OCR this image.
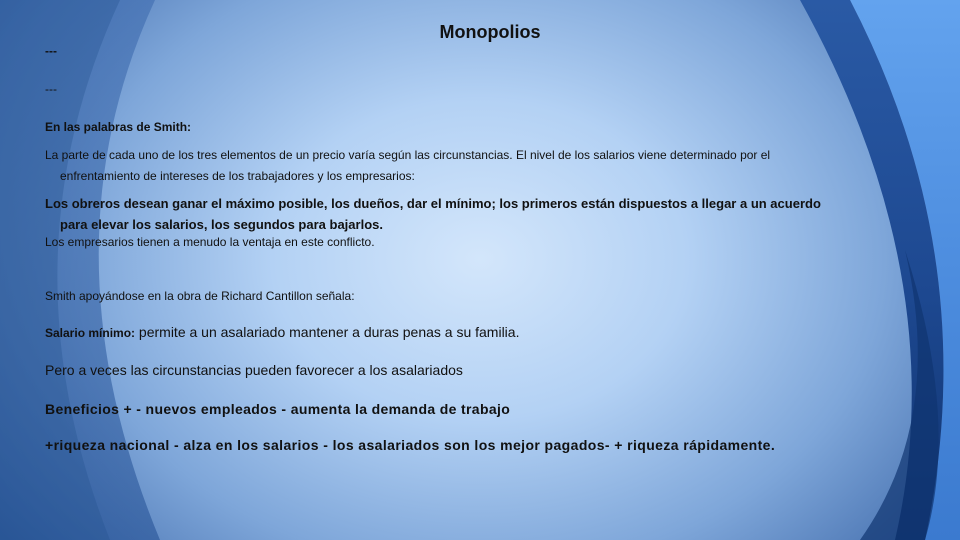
Monopolios
---
---
En las palabras de Smith:
La parte de cada uno de los tres elementos de un precio varía según las circunstancias. El nivel de los salarios viene determinado por el
enfrentamiento de intereses de los trabajadores y los empresarios:
Los obreros desean ganar el máximo posible, los dueños, dar el mínimo; los primeros están dispuestos a llegar a un acuerdo
para elevar los salarios, los segundos para bajarlos.
Los empresarios tienen a menudo la ventaja en este conflicto.
Smith apoyándose en la obra de Richard Cantillon señala:
Salario mínimo: permite a un asalariado mantener a duras penas a su familia.
Pero a veces las circunstancias pueden favorecer a los asalariados
Beneficios + - nuevos empleados - aumenta la demanda de trabajo
+riqueza nacional - alza en los salarios - los asalariados son los mejor pagados- + riqueza rápidamente.
